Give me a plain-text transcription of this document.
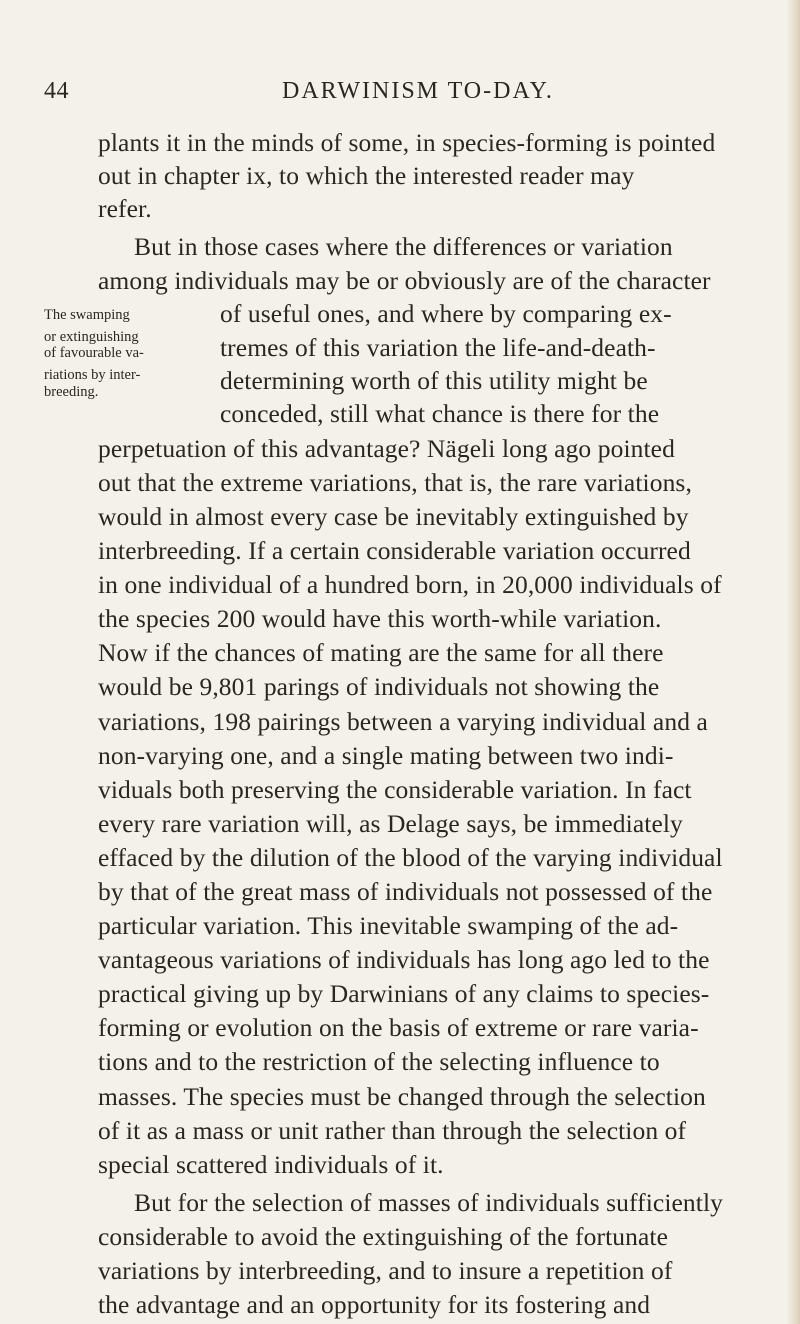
44	DARWINISM TO-DAY.
plants it in the minds of some, in species-forming is pointed
out in chapter ix, to which the interested reader may
refer.
But in those cases where the differences or variation
among individuals may be or obviously are of the character
of useful ones, and where by comparing ex-
tremes of this variation the life-and-death-
determining worth of this utility might be
conceded, still what chance is there for the
The swamping
or extinguishing
of favourable va-
riations by inter-
breeding.
perpetuation of this advantage? Nägeli long ago pointed
out that the extreme variations, that is, the rare variations,
would in almost every case be inevitably extinguished by
interbreeding. If a certain considerable variation occurred
in one individual of a hundred born, in 20,000 individuals of
the species 200 would have this worth-while variation.
Now if the chances of mating are the same for all there
would be 9,801 parings of individuals not showing the
variations, 198 pairings between a varying individual and a
non-varying one, and a single mating between two indi-
viduals both preserving the considerable variation. In fact
every rare variation will, as Delage says, be immediately
effaced by the dilution of the blood of the varying individual
by that of the great mass of individuals not possessed of the
particular variation. This inevitable swamping of the ad-
vantageous variations of individuals has long ago led to the
practical giving up by Darwinians of any claims to species-
forming or evolution on the basis of extreme or rare varia-
tions and to the restriction of the selecting influence to
masses. The species must be changed through the selection
of it as a mass or unit rather than through the selection of
special scattered individuals of it.
But for the selection of masses of individuals sufficiently
considerable to avoid the extinguishing of the fortunate
variations by interbreeding, and to insure a repetition of
the advantage and an opportunity for its fostering and
